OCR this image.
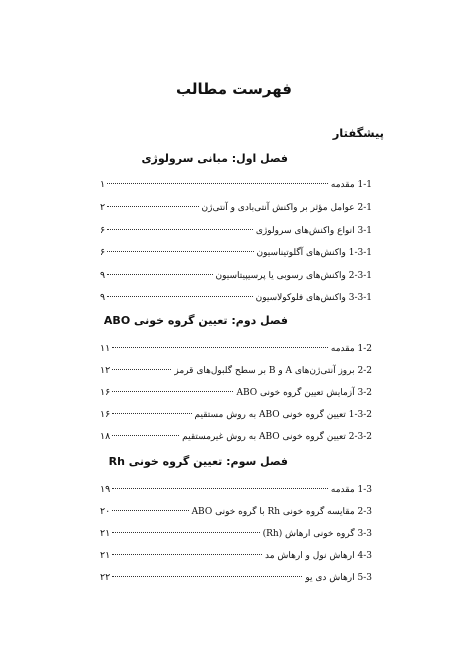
فهرست مطالب
پیشگفتار
فصل اول: مبانی سرولوژی
1-1 مقدمه
۱
2-1 عوامل مؤثر بر واکنش آنتی‌بادی و آنتی‌ژن
۲
3-1 انواع واکنش‌های سرولوژی
۶
1-3-1 واکنش‌های آگلوتیناسیون
۶
2-3-1 واکنش‌های رسوبی یا پرسیپیتاسیون
۹
3-3-1 واکنش‌های فلوکولاسیون
۹
فصل دوم: تعیین گروه خونی ABO
1-2 مقدمه
۱۱
2-2 بروز آنتی‌ژن‌های A و B بر سطح گلبول‌های قرمز
۱۲
3-2 آزمایش تعیین گروه خونی ABO
۱۶
1-3-2 تعیین گروه خونی ABO به روش مستقیم
۱۶
2-3-2 تعیین گروه خونی ABO به روش غیرمستقیم
۱۸
فصل سوم: تعیین گروه خونی Rh
1-3 مقدمه
۱۹
2-3 مقایسه گروه خونی Rh با گروه خونی ABO
۲۰
3-3 گروه خونی ارهاش (Rh)
۲۱
4-3 ارهاش نول و ارهاش مد
۲۱
5-3 ارهاش دی یو
۲۲
